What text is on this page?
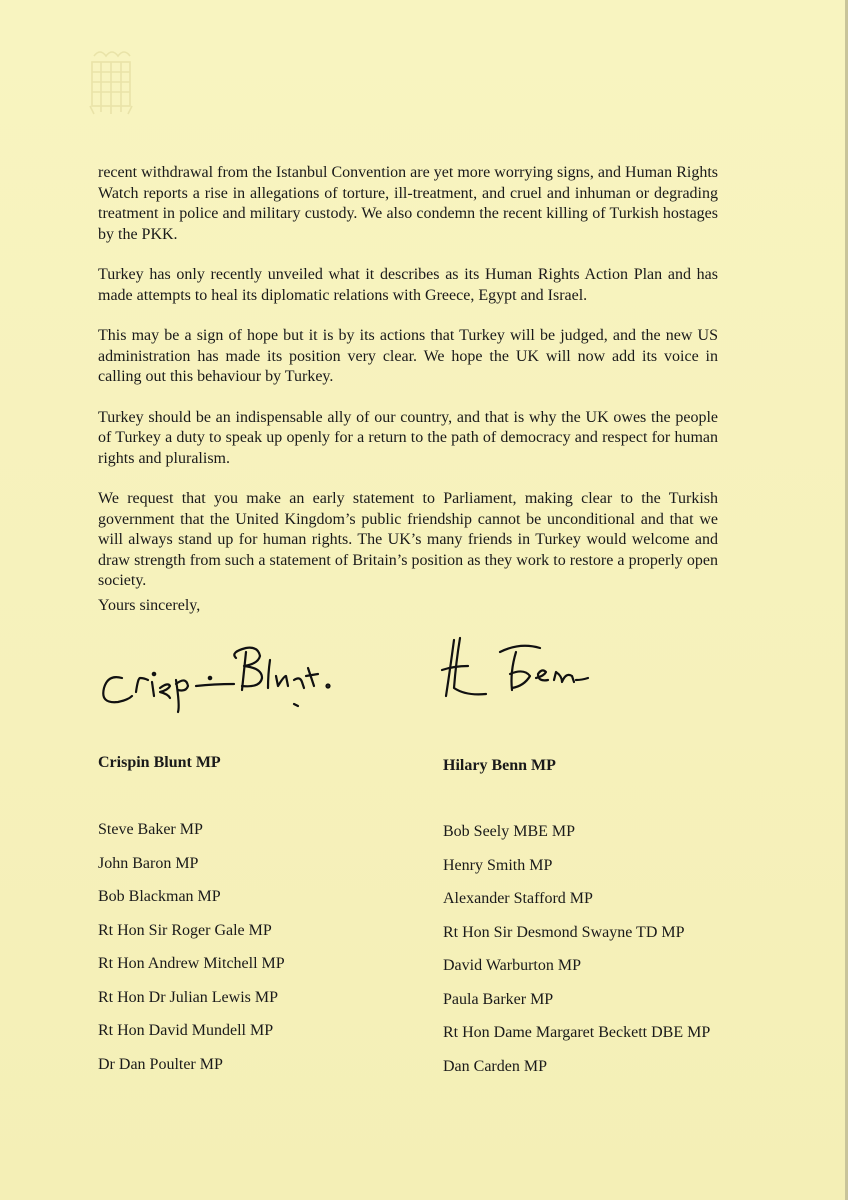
recent withdrawal from the Istanbul Convention are yet more worrying signs, and Human Rights Watch reports a rise in allegations of torture, ill-treatment, and cruel and inhuman or degrading treatment in police and military custody. We also condemn the recent killing of Turkish hostages by the PKK.

Turkey has only recently unveiled what it describes as its Human Rights Action Plan and has made attempts to heal its diplomatic relations with Greece, Egypt and Israel.

This may be a sign of hope but it is by its actions that Turkey will be judged, and the new US administration has made its position very clear. We hope the UK will now add its voice in calling out this behaviour by Turkey.

Turkey should be an indispensable ally of our country, and that is why the UK owes the people of Turkey a duty to speak up openly for a return to the path of democracy and respect for human rights and pluralism.

We request that you make an early statement to Parliament, making clear to the Turkish government that the United Kingdom’s public friendship cannot be unconditional and that we will always stand up for human rights. The UK’s many friends in Turkey would welcome and draw strength from such a statement of Britain’s position as they work to restore a properly open society.

Yours sincerely,
Crispin Blunt MP	Hilary Benn MP
Steve Baker MP
John Baron MP
Bob Blackman MP
Rt Hon Sir Roger Gale MP
Rt Hon Andrew Mitchell MP
Rt Hon Dr Julian Lewis MP
Rt Hon David Mundell MP
Dr Dan Poulter MP
Bob Seely MBE MP
Henry Smith MP
Alexander Stafford MP
Rt Hon Sir Desmond Swayne TD MP
David Warburton MP
Paula Barker MP
Rt Hon Dame Margaret Beckett DBE MP
Dan Carden MP
